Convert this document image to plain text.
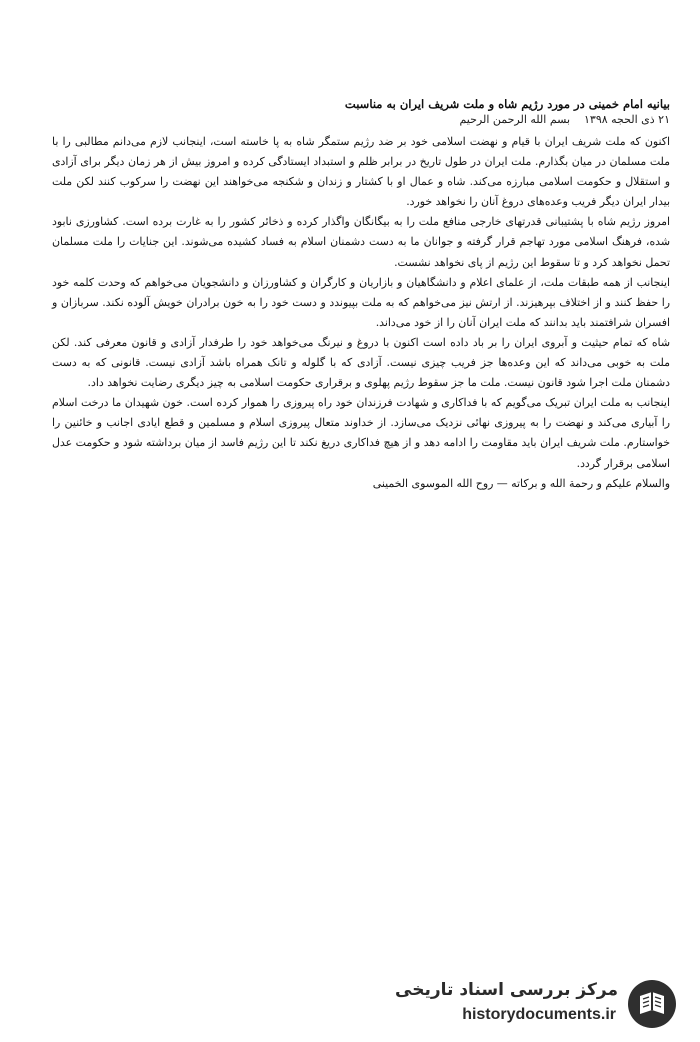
بیانیه امام خمینی در مورد رژیم شاه و ملت شریف ایران به مناسبت

۲۱ ذی الحجه ۱۳۹۸
بسم الله الرحمن الرحیم

اکنون که ملت شریف ایران با قیام و نهضت اسلامی خود بر ضد رژیم ستمگر شاه به پا خاسته است، اینجانب لازم می‌دانم مطالبی را با ملت مسلمان در میان بگذارم. ملت ایران در طول تاریخ در برابر ظلم و استبداد ایستادگی کرده و امروز بیش از هر زمان دیگر برای آزادی و استقلال و حکومت اسلامی مبارزه می‌کند. شاه و عمال او با کشتار و زندان و شکنجه می‌خواهند این نهضت را سرکوب کنند لکن ملت بیدار ایران دیگر فریب وعده‌های دروغ آنان را نخواهد خورد.

امروز رژیم شاه با پشتیبانی قدرتهای خارجی منافع ملت را به بیگانگان واگذار کرده و ذخائر کشور را به غارت برده است. کشاورزی نابود شده، فرهنگ اسلامی مورد تهاجم قرار گرفته و جوانان ما به دست دشمنان اسلام به فساد کشیده می‌شوند. این جنایات را ملت مسلمان تحمل نخواهد کرد و تا سقوط این رژیم از پای نخواهد نشست.

اینجانب از همه طبقات ملت، از علمای اعلام و دانشگاهیان و بازاریان و کارگران و کشاورزان و دانشجویان می‌خواهم که وحدت کلمه خود را حفظ کنند و از اختلاف بپرهیزند. از ارتش نیز می‌خواهم که به ملت بپیوندد و دست خود را به خون برادران خویش آلوده نکند. سربازان و افسران شرافتمند باید بدانند که ملت ایران آنان را از خود می‌داند.

شاه که تمام حیثیت و آبروی ایران را بر باد داده است اکنون با دروغ و نیرنگ می‌خواهد خود را طرفدار آزادی و قانون معرفی کند. لکن ملت به خوبی می‌داند که این وعده‌ها جز فریب چیزی نیست. آزادی که با گلوله و تانک همراه باشد آزادی نیست. قانونی که به دست دشمنان ملت اجرا شود قانون نیست. ملت ما جز سقوط رژیم پهلوی و برقراری حکومت اسلامی به چیز دیگری رضایت نخواهد داد.

اینجانب به ملت ایران تبریک می‌گویم که با فداکاری و شهادت فرزندان خود راه پیروزی را هموار کرده است. خون شهیدان ما درخت اسلام را آبیاری می‌کند و نهضت را به پیروزی نهائی نزدیک می‌سازد. از خداوند متعال پیروزی اسلام و مسلمین و قطع ایادی اجانب و خائنین را خواستارم. ملت شریف ایران باید مقاومت را ادامه دهد و از هیچ فداکاری دریغ نکند تا این رژیم فاسد از میان برداشته شود و حکومت عدل اسلامی برقرار گردد.

والسلام علیکم و رحمة الله و برکاته — روح الله الموسوی الخمینی

مرکز بررسی اسناد تاریخی
historydocuments.ir
